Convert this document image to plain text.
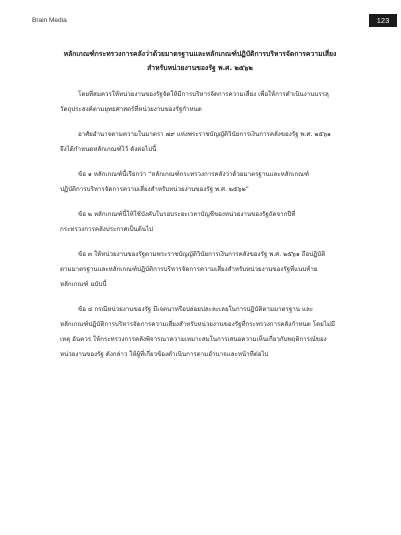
Brain Media	123
หลักเกณฑ์กระทรวงการคลังว่าด้วยมาตรฐานและหลักเกณฑ์ปฏิบัติการบริหารจัดการความเสี่ยง
สำหรับหน่วยงานของรัฐ พ.ศ. ๒๕๖๒
โดยที่สมควรให้หน่วยงานของรัฐจัดให้มีการบริหารจัดการความเสี่ยง เพื่อให้การดำเนินงานบรรลุ
วัตถุประสงค์ตามยุทธศาสตร์ที่หน่วยงานของรัฐกำหนด
อาศัยอำนาจตามความในมาตรา ๗๙ แห่งพระราชบัญญัติวินัยการเงินการคลังของรัฐ พ.ศ. ๒๕๖๑
จึงได้กำหนดหลักเกณฑ์ไว้ ดังต่อไปนี้
ข้อ ๑ หลักเกณฑ์นี้เรียกว่า “หลักเกณฑ์กระทรวงการคลังว่าด้วยมาตรฐานและหลักเกณฑ์
ปฏิบัติการบริหารจัดการความเสี่ยงสำหรับหน่วยงานของรัฐ พ.ศ. ๒๕๖๒”
ข้อ ๒ หลักเกณฑ์นี้ให้ใช้บังคับในรอบระยะเวลาบัญชีของหน่วยงานของรัฐถัดจากปีที่
กระทรวงการคลังประกาศเป็นต้นไป
ข้อ ๓ ให้หน่วยงานของรัฐตามพระราชบัญญัติวินัยการเงินการคลังของรัฐ พ.ศ. ๒๕๖๑ ถือปฏิบัติ
ตามมาตรฐานและหลักเกณฑ์ปฏิบัติการบริหารจัดการความเสี่ยงสำหรับหน่วยงานของรัฐที่แนบท้าย
หลักเกณฑ์ ฉบับนี้
ข้อ ๔ กรณีหน่วยงานของรัฐ มีเจตนาหรือปล่อยปละละเลยในการปฏิบัติตามมาตรฐาน และ
หลักเกณฑ์ปฏิบัติการบริหารจัดการความเสี่ยงสำหรับหน่วยงานของรัฐที่กระทรวงการคลังกำหนด โดยไม่มี
เหตุ อันควร ให้กระทรวงการคลังพิจารณาความเหมาะสมในการเสนอความเห็นเกี่ยวกับพฤติการณ์ของ
หน่วยงานของรัฐ ดังกล่าว ให้ผู้ที่เกี่ยวข้องดำเนินการตามอำนาจและหน้าที่ต่อไป
